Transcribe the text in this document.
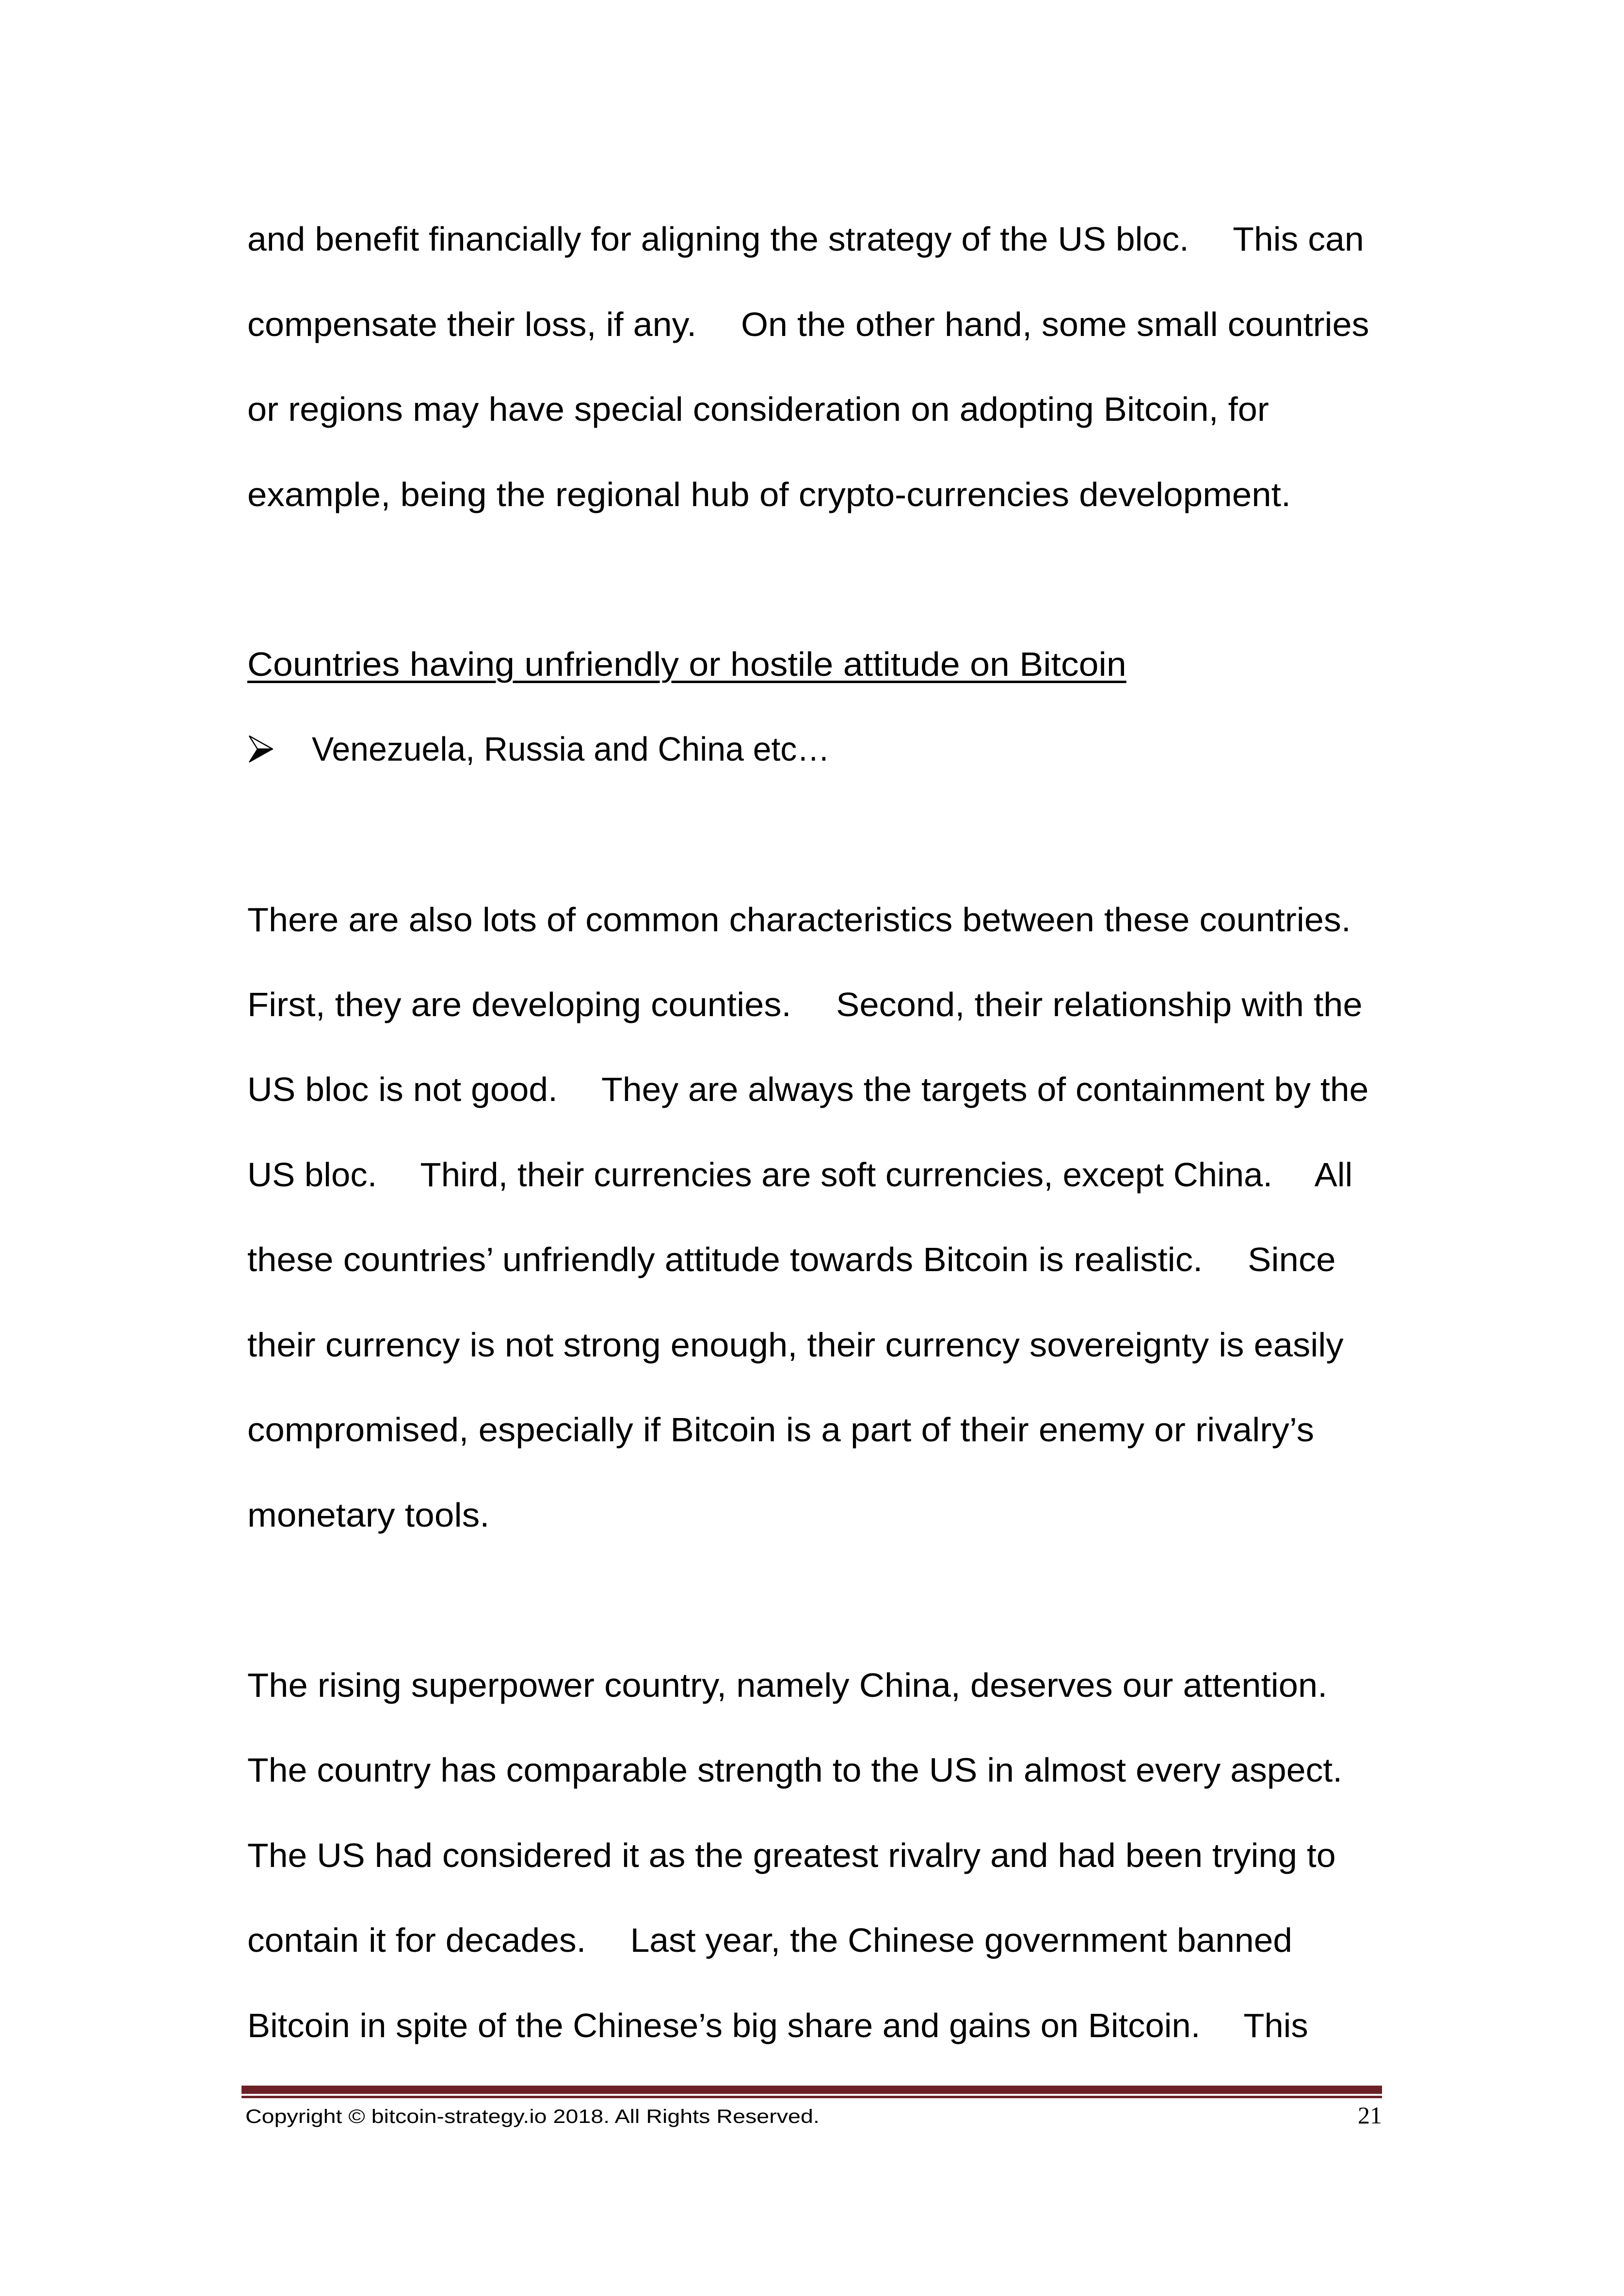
and benefit financially for aligning the strategy of the US bloc.　 This can
compensate their loss, if any.　 On the other hand, some small countries
or regions may have special consideration on adopting Bitcoin, for
example, being the regional hub of crypto-currencies development.
Countries having unfriendly or hostile attitude on Bitcoin
Venezuela, Russia and China etc…
There are also lots of common characteristics between these countries.
First, they are developing counties.　 Second, their relationship with the
US bloc is not good.　 They are always the targets of containment by the
US bloc.　 Third, their currencies are soft currencies, except China.　 All
these countries’ unfriendly attitude towards Bitcoin is realistic.　 Since
their currency is not strong enough, their currency sovereignty is easily
compromised, especially if Bitcoin is a part of their enemy or rivalry’s
monetary tools.
The rising superpower country, namely China, deserves our attention.
The country has comparable strength to the US in almost every aspect.
The US had considered it as the greatest rivalry and had been trying to
contain it for decades.　 Last year, the Chinese government banned
Bitcoin in spite of the Chinese’s big share and gains on Bitcoin.　 This
Copyright © bitcoin-strategy.io 2018. All Rights Reserved.	21
